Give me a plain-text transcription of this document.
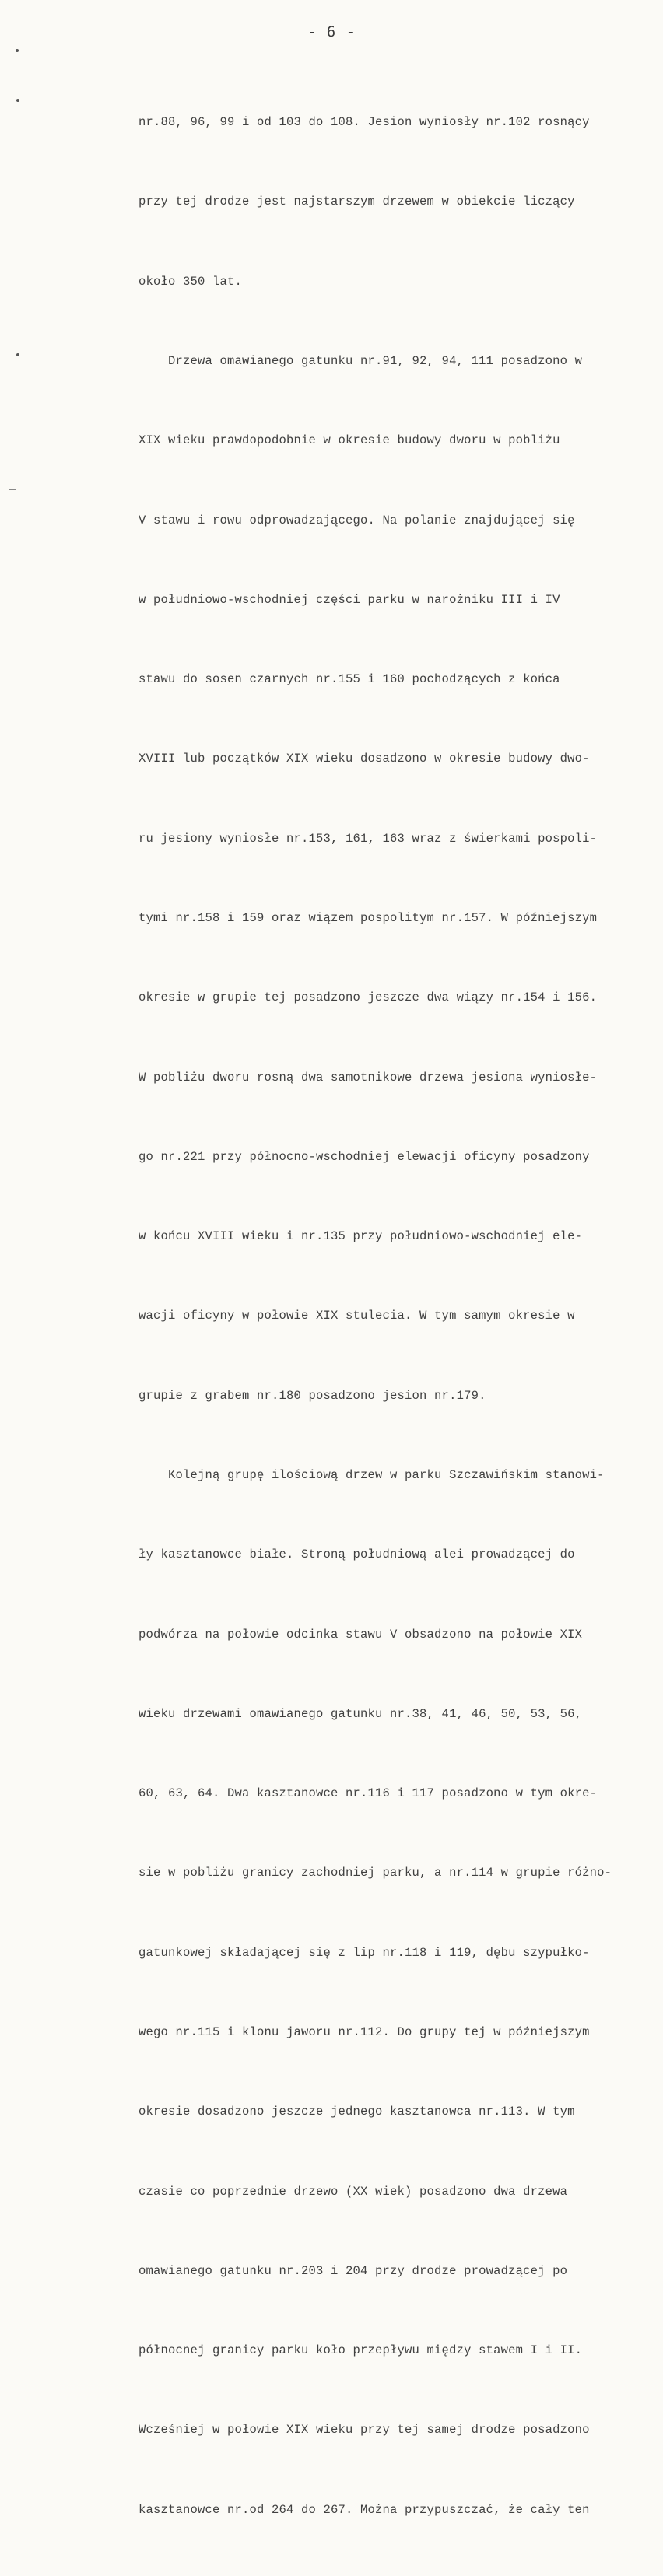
- 6 -

nr.88, 96, 99 i od 103 do 108. Jesion wyniosły nr.102 rosnący

przy tej drodze jest najstarszym drzewem w obiekcie liczący

około 350 lat.

Drzewa omawianego gatunku nr.91, 92, 94, 111 posadzono w

XIX wieku prawdopodobnie w okresie budowy dworu w pobliżu

V stawu i rowu odprowadzającego. Na polanie znajdującej się

w południowo-wschodniej części parku w narożniku III i IV

stawu do sosen czarnych nr.155 i 160 pochodzących z końca

XVIII lub początków XIX wieku dosadzono w okresie budowy dwo-

ru jesiony wyniosłe nr.153, 161, 163 wraz z świerkami pospoli-

tymi nr.158 i 159 oraz wiązem pospolitym nr.157. W późniejszym

okresie w grupie tej posadzono jeszcze dwa wiązy nr.154 i 156.

W pobliżu dworu rosną dwa samotnikowe drzewa jesiona wyniosłe-

go nr.221 przy północno-wschodniej elewacji oficyny posadzony

w końcu XVIII wieku i nr.135 przy południowo-wschodniej ele-

wacji oficyny w połowie XIX stulecia. W tym samym okresie w

grupie z grabem nr.180 posadzono jesion nr.179.

Kolejną grupę ilościową drzew w parku Szczawińskim stanowi-

ły kasztanowce białe. Stroną południową alei prowadzącej do

podwórza na połowie odcinka stawu V obsadzono na połowie XIX

wieku drzewami omawianego gatunku nr.38, 41, 46, 50, 53, 56,

60, 63, 64. Dwa kasztanowce nr.116 i 117 posadzono w tym okre-

sie w pobliżu granicy zachodniej parku, a nr.114 w grupie różno-

gatunkowej składającej się z lip nr.118 i 119, dębu szypułko-

wego nr.115 i klonu jaworu nr.112. Do grupy tej w późniejszym

okresie dosadzono jeszcze jednego kasztanowca nr.113. W tym

czasie co poprzednie drzewo (XX wiek) posadzono dwa drzewa

omawianego gatunku nr.203 i 204 przy drodze prowadzącej po

północnej granicy parku koło przepływu między stawem I i II.

Wcześniej w połowie XIX wieku przy tej samej drodze posadzono

kasztanowce nr.od 264 do 267. Można przypuszczać, że cały ten
